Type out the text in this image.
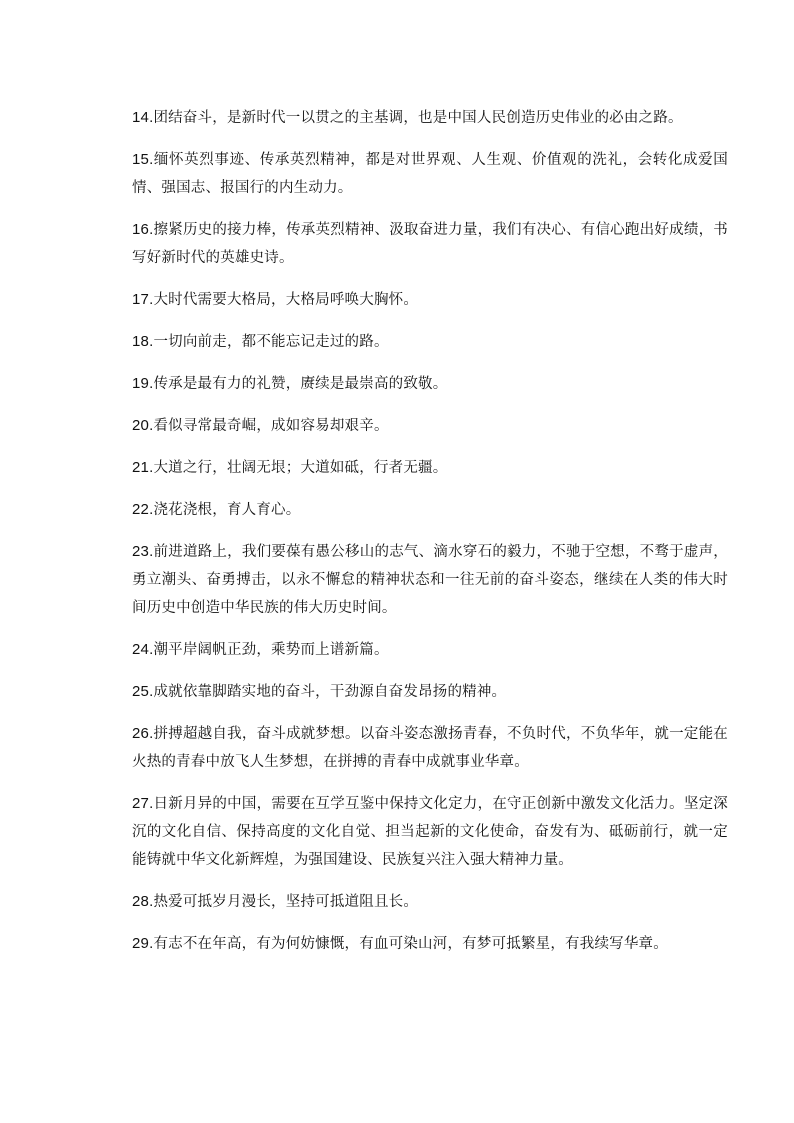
14.团结奋斗，是新时代一以贯之的主基调，也是中国人民创造历史伟业的必由之路。

15.缅怀英烈事迹、传承英烈精神，都是对世界观、人生观、价值观的洗礼，会转化成爱国情、强国志、报国行的内生动力。

16.擦紧历史的接力棒，传承英烈精神、汲取奋进力量，我们有决心、有信心跑出好成绩，书写好新时代的英雄史诗。

17.大时代需要大格局，大格局呼唤大胸怀。

18.一切向前走，都不能忘记走过的路。

19.传承是最有力的礼赞，赓续是最崇高的致敬。

20.看似寻常最奇崛，成如容易却艰辛。

21.大道之行，壮阔无垠；大道如砥，行者无疆。

22.浇花浇根，育人育心。

23.前进道路上，我们要葆有愚公移山的志气、滴水穿石的毅力，不驰于空想，不骛于虚声，勇立潮头、奋勇搏击，以永不懈怠的精神状态和一往无前的奋斗姿态，继续在人类的伟大时间历史中创造中华民族的伟大历史时间。

24.潮平岸阔帆正劲，乘势而上谱新篇。

25.成就依靠脚踏实地的奋斗，干劲源自奋发昂扬的精神。

26.拼搏超越自我，奋斗成就梦想。以奋斗姿态激扬青春，不负时代，不负华年，就一定能在火热的青春中放飞人生梦想，在拼搏的青春中成就事业华章。

27.日新月异的中国，需要在互学互鉴中保持文化定力，在守正创新中激发文化活力。坚定深沉的文化自信、保持高度的文化自觉、担当起新的文化使命，奋发有为、砥砺前行，就一定能铸就中华文化新辉煌，为强国建设、民族复兴注入强大精神力量。

28.热爱可抵岁月漫长，坚持可抵道阻且长。

29.有志不在年高，有为何妨慷慨，有血可染山河，有梦可抵繁星，有我续写华章。
